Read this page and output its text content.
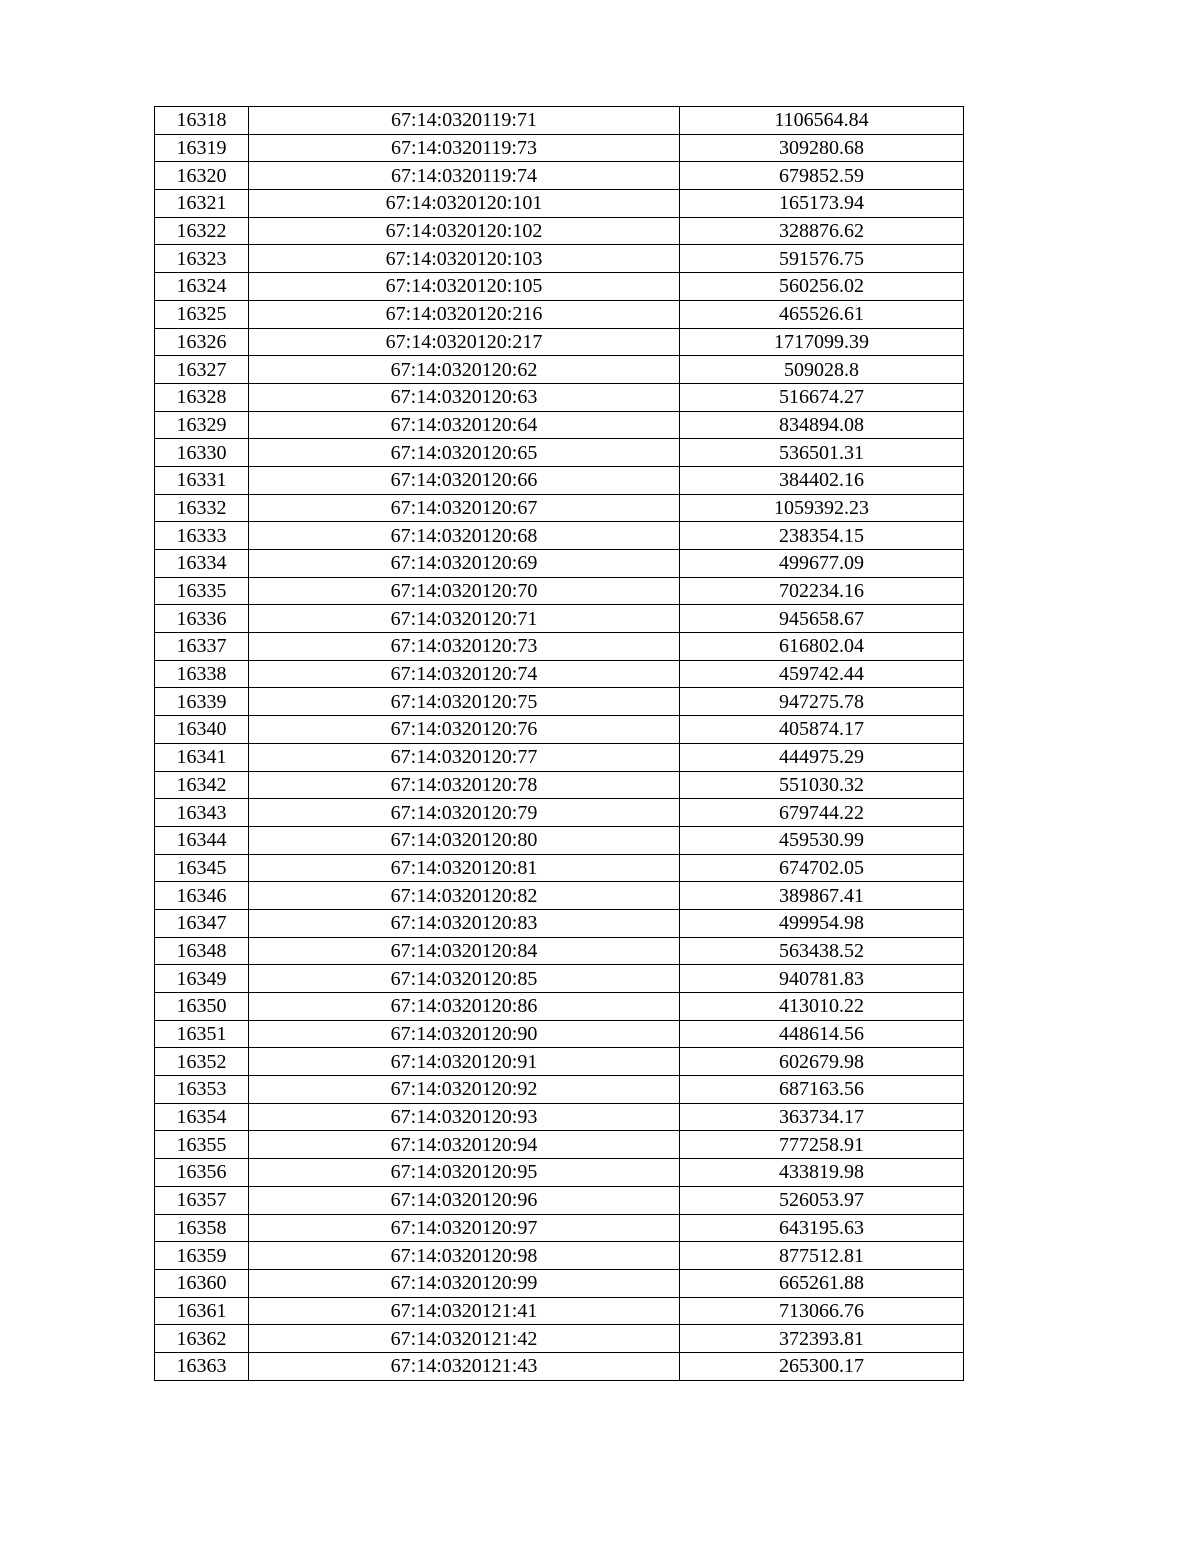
16318	67:14:0320119:71	1106564.84
16319	67:14:0320119:73	309280.68
16320	67:14:0320119:74	679852.59
16321	67:14:0320120:101	165173.94
16322	67:14:0320120:102	328876.62
16323	67:14:0320120:103	591576.75
16324	67:14:0320120:105	560256.02
16325	67:14:0320120:216	465526.61
16326	67:14:0320120:217	1717099.39
16327	67:14:0320120:62	509028.8
16328	67:14:0320120:63	516674.27
16329	67:14:0320120:64	834894.08
16330	67:14:0320120:65	536501.31
16331	67:14:0320120:66	384402.16
16332	67:14:0320120:67	1059392.23
16333	67:14:0320120:68	238354.15
16334	67:14:0320120:69	499677.09
16335	67:14:0320120:70	702234.16
16336	67:14:0320120:71	945658.67
16337	67:14:0320120:73	616802.04
16338	67:14:0320120:74	459742.44
16339	67:14:0320120:75	947275.78
16340	67:14:0320120:76	405874.17
16341	67:14:0320120:77	444975.29
16342	67:14:0320120:78	551030.32
16343	67:14:0320120:79	679744.22
16344	67:14:0320120:80	459530.99
16345	67:14:0320120:81	674702.05
16346	67:14:0320120:82	389867.41
16347	67:14:0320120:83	499954.98
16348	67:14:0320120:84	563438.52
16349	67:14:0320120:85	940781.83
16350	67:14:0320120:86	413010.22
16351	67:14:0320120:90	448614.56
16352	67:14:0320120:91	602679.98
16353	67:14:0320120:92	687163.56
16354	67:14:0320120:93	363734.17
16355	67:14:0320120:94	777258.91
16356	67:14:0320120:95	433819.98
16357	67:14:0320120:96	526053.97
16358	67:14:0320120:97	643195.63
16359	67:14:0320120:98	877512.81
16360	67:14:0320120:99	665261.88
16361	67:14:0320121:41	713066.76
16362	67:14:0320121:42	372393.81
16363	67:14:0320121:43	265300.17
